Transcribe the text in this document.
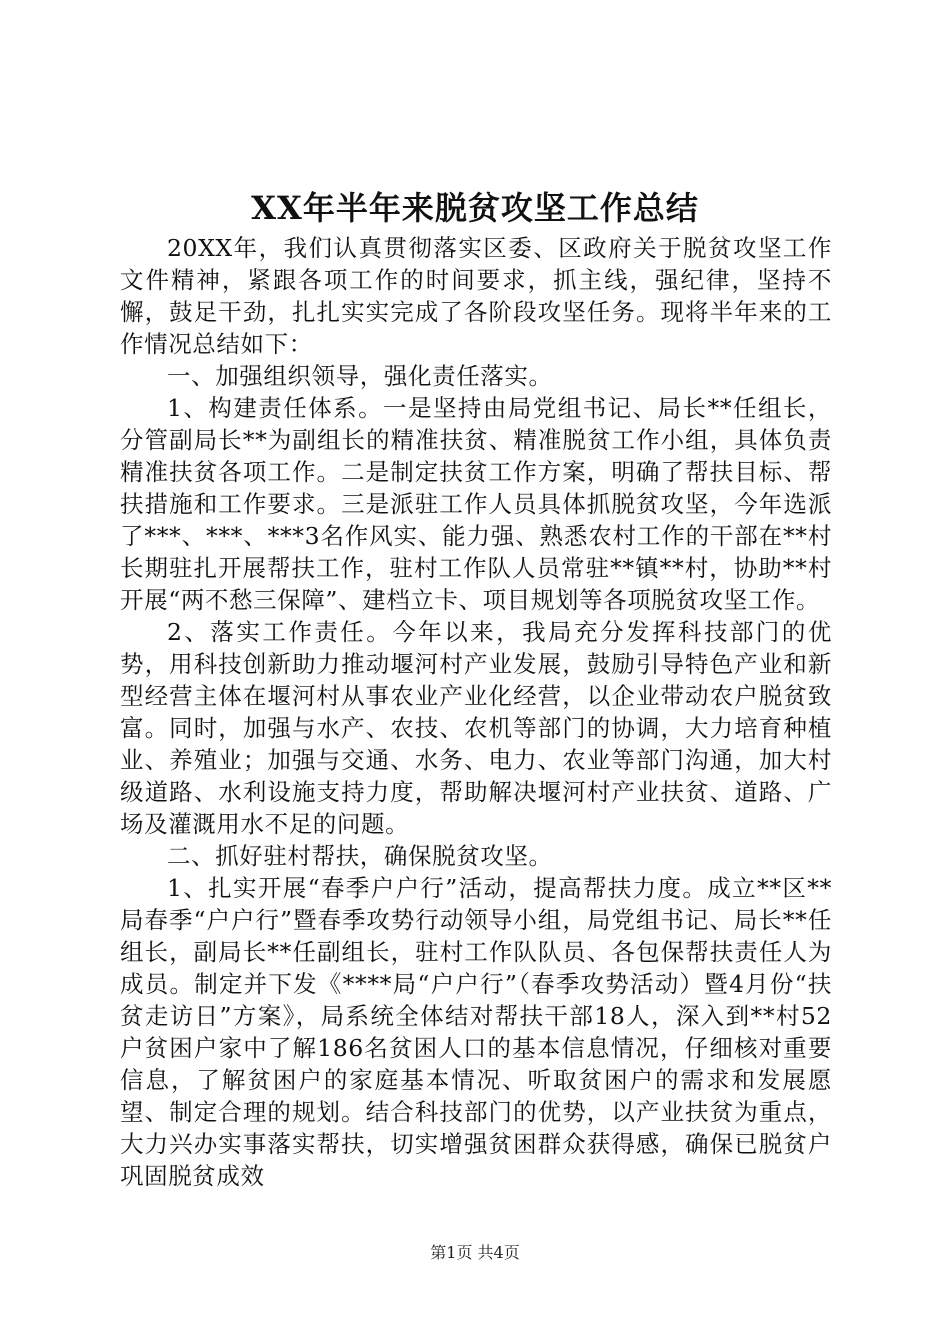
XX年半年来脱贫攻坚工作总结

20XX年，我们认真贯彻落实区委、区政府关于脱贫攻坚工作文件精神，紧跟各项工作的时间要求，抓主线，强纪律，坚持不懈，鼓足干劲，扎扎实实完成了各阶段攻坚任务。现将半年来的工作情况总结如下：

一、加强组织领导，强化责任落实。

1、构建责任体系。一是坚持由局党组书记、局长**任组长，分管副局长**为副组长的精准扶贫、精准脱贫工作小组，具体负责精准扶贫各项工作。二是制定扶贫工作方案，明确了帮扶目标、帮扶措施和工作要求。三是派驻工作人员具体抓脱贫攻坚，今年选派了***、***、***3名作风实、能力强、熟悉农村工作的干部在**村长期驻扎开展帮扶工作，驻村工作队人员常驻**镇**村，协助**村开展“两不愁三保障”、建档立卡、项目规划等各项脱贫攻坚工作。

2、落实工作责任。今年以来，我局充分发挥科技部门的优势，用科技创新助力推动堰河村产业发展，鼓励引导特色产业和新型经营主体在堰河村从事农业产业化经营，以企业带动农户脱贫致富。同时，加强与水产、农技、农机等部门的协调，大力培育种植业、养殖业；加强与交通、水务、电力、农业等部门沟通，加大村级道路、水利设施支持力度，帮助解决堰河村产业扶贫、道路、广场及灌溉用水不足的问题。

二、抓好驻村帮扶，确保脱贫攻坚。

1、扎实开展“春季户户行”活动，提高帮扶力度。成立**区**局春季“户户行”暨春季攻势行动领导小组，局党组书记、局长**任组长，副局长**任副组长，驻村工作队队员、各包保帮扶责任人为成员。制定并下发《****局“户户行”（春季攻势活动）暨4月份“扶贫走访日”方案》，局系统全体结对帮扶干部18人，深入到**村52户贫困户家中了解186名贫困人口的基本信息情况，仔细核对重要信息，了解贫困户的家庭基本情况、听取贫困户的需求和发展愿望、制定合理的规划。结合科技部门的优势，以产业扶贫为重点，大力兴办实事落实帮扶，切实增强贫困群众获得感，确保已脱贫户巩固脱贫成效

第1页 共4页
